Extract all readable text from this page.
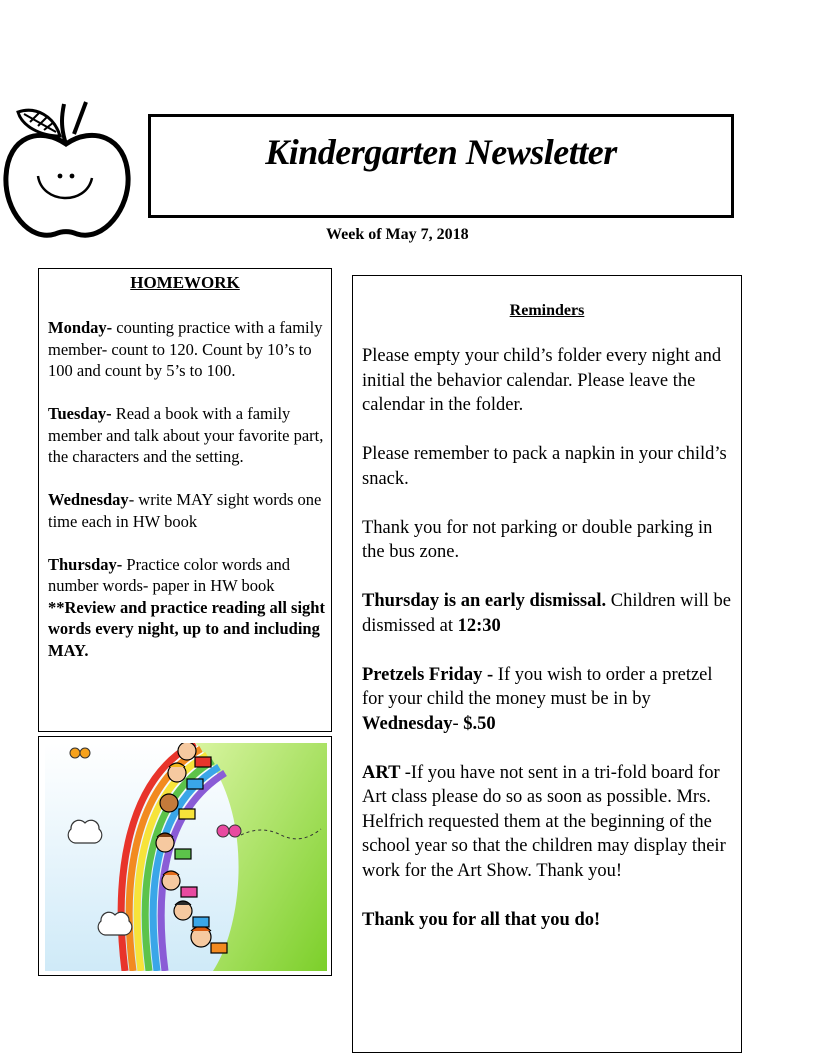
Kindergarten Newsletter
Week of May 7, 2018
HOMEWORK

Monday- counting practice with a family member- count to 120. Count by 10’s to 100 and count by 5’s to 100.

Tuesday- Read a book with a family member and talk about your favorite part, the characters and the setting.

Wednesday- write MAY sight words one time each in HW book

Thursday- Practice color words and number words- paper in HW book

**Review and practice reading all sight words every night, up to and including MAY.

Reminders

Please empty your child’s folder every night and initial the behavior calendar. Please leave the calendar in the folder.

Please remember to pack a napkin in your child’s snack.

Thank you for not parking or double parking in the bus zone.

Thursday is an early dismissal. Children will be dismissed at 12:30

Pretzels Friday - If you wish to order a pretzel for your child the money must be in by Wednesday- $.50

ART -If you have not sent in a tri-fold board for Art class please do so as soon as possible. Mrs. Helfrich requested them at the beginning of the school year so that the children may display their work for the Art Show. Thank you!

Thank you for all that you do!
